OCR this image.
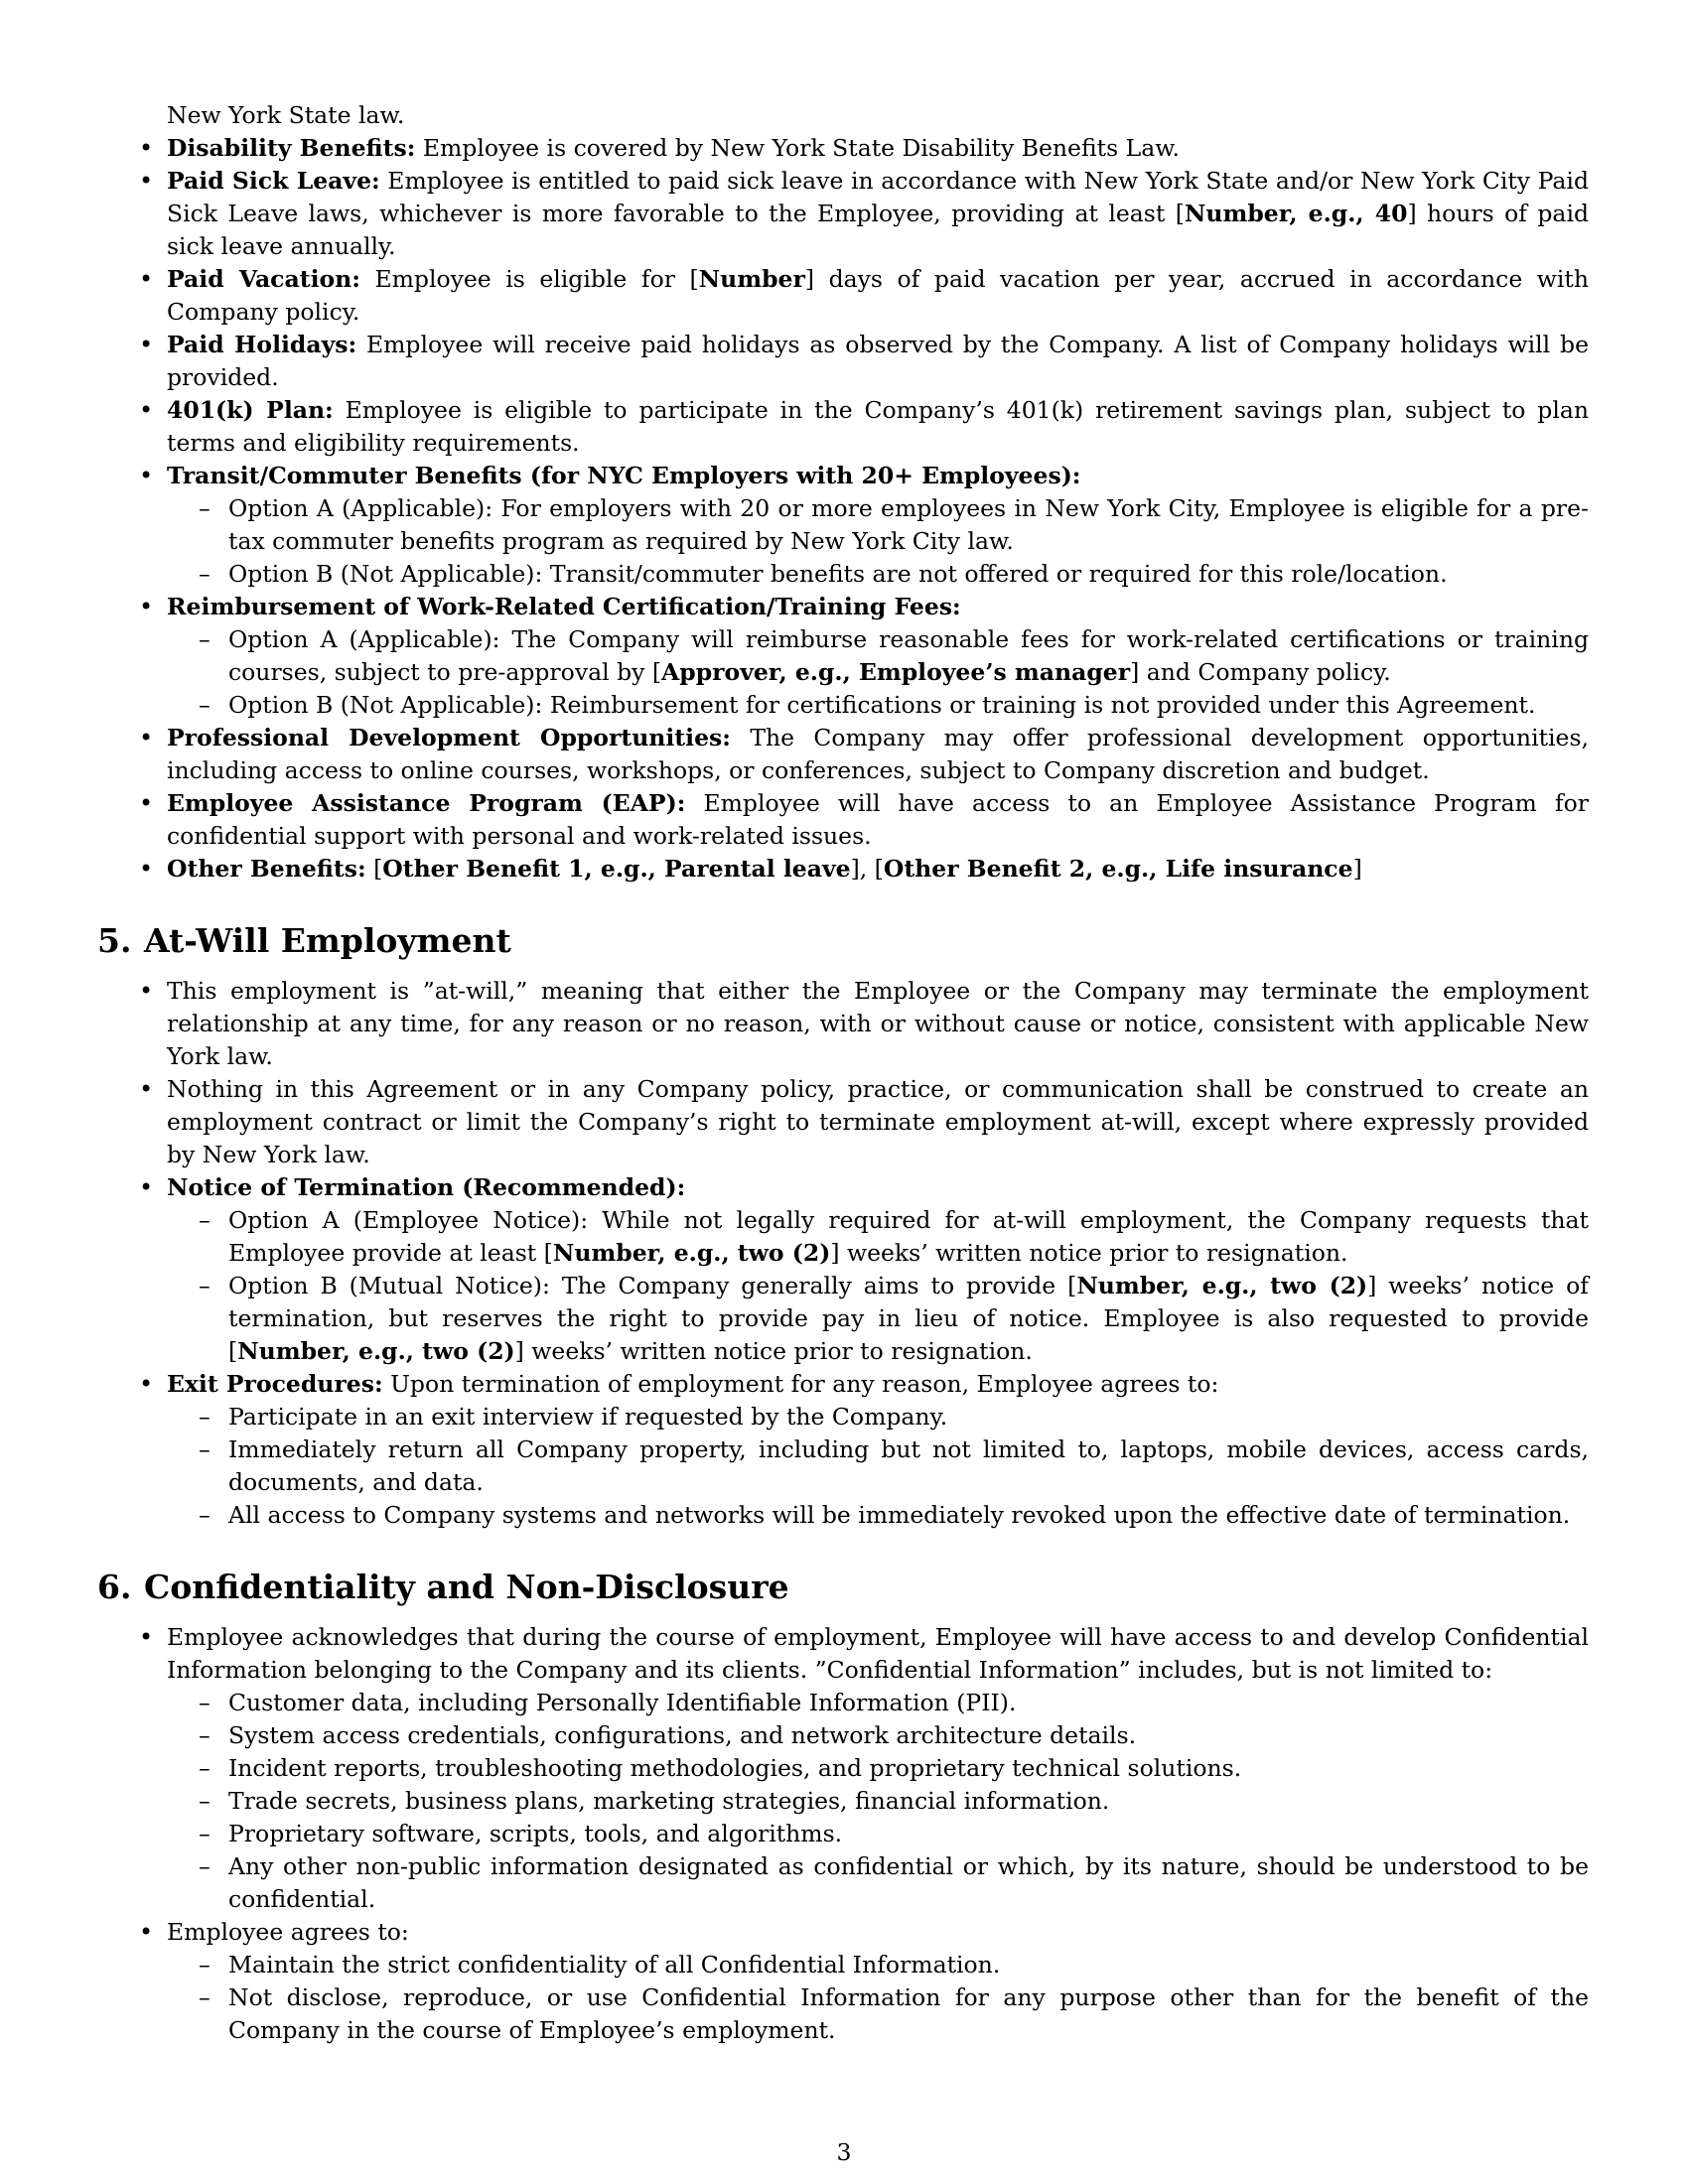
New York State law.
• Disability Benefits: Employee is covered by New York State Disability Benefits Law.
• Paid Sick Leave: Employee is entitled to paid sick leave in accordance with New York State and/or New York City Paid Sick Leave laws, whichever is more favorable to the Employee, providing at least [Number, e.g., 40] hours of paid sick leave annually.
• Paid Vacation: Employee is eligible for [Number] days of paid vacation per year, accrued in accordance with Company policy.
• Paid Holidays: Employee will receive paid holidays as observed by the Company. A list of Company holidays will be provided.
• 401(k) Plan: Employee is eligible to participate in the Company’s 401(k) retirement savings plan, subject to plan terms and eligibility requirements.
• Transit/Commuter Benefits (for NYC Employers with 20+ Employees):
– Option A (Applicable): For employers with 20 or more employees in New York City, Employee is eligible for a pre-tax commuter benefits program as required by New York City law.
– Option B (Not Applicable): Transit/commuter benefits are not offered or required for this role/location.
• Reimbursement of Work-Related Certification/Training Fees:
– Option A (Applicable): The Company will reimburse reasonable fees for work-related certifications or training courses, subject to pre-approval by [Approver, e.g., Employee’s manager] and Company policy.
– Option B (Not Applicable): Reimbursement for certifications or training is not provided under this Agreement.
• Professional Development Opportunities: The Company may offer professional development opportunities, including access to online courses, workshops, or conferences, subject to Company discretion and budget.
• Employee Assistance Program (EAP): Employee will have access to an Employee Assistance Program for confidential support with personal and work-related issues.
• Other Benefits: [Other Benefit 1, e.g., Parental leave], [Other Benefit 2, e.g., Life insurance]
5. At-Will Employment
• This employment is ”at-will,” meaning that either the Employee or the Company may terminate the employment relationship at any time, for any reason or no reason, with or without cause or notice, consistent with applicable New York law.
• Nothing in this Agreement or in any Company policy, practice, or communication shall be construed to create an employment contract or limit the Company’s right to terminate employment at-will, except where expressly provided by New York law.
• Notice of Termination (Recommended):
– Option A (Employee Notice): While not legally required for at-will employment, the Company requests that Employee provide at least [Number, e.g., two (2)] weeks’ written notice prior to resignation.
– Option B (Mutual Notice): The Company generally aims to provide [Number, e.g., two (2)] weeks’ notice of termination, but reserves the right to provide pay in lieu of notice. Employee is also requested to provide [Number, e.g., two (2)] weeks’ written notice prior to resignation.
• Exit Procedures: Upon termination of employment for any reason, Employee agrees to:
– Participate in an exit interview if requested by the Company.
– Immediately return all Company property, including but not limited to, laptops, mobile devices, access cards, documents, and data.
– All access to Company systems and networks will be immediately revoked upon the effective date of termination.
6. Confidentiality and Non-Disclosure
• Employee acknowledges that during the course of employment, Employee will have access to and develop Confidential Information belonging to the Company and its clients. ”Confidential Information” includes, but is not limited to:
– Customer data, including Personally Identifiable Information (PII).
– System access credentials, configurations, and network architecture details.
– Incident reports, troubleshooting methodologies, and proprietary technical solutions.
– Trade secrets, business plans, marketing strategies, financial information.
– Proprietary software, scripts, tools, and algorithms.
– Any other non-public information designated as confidential or which, by its nature, should be understood to be confidential.
• Employee agrees to:
– Maintain the strict confidentiality of all Confidential Information.
– Not disclose, reproduce, or use Confidential Information for any purpose other than for the benefit of the Company in the course of Employee’s employment.
3
